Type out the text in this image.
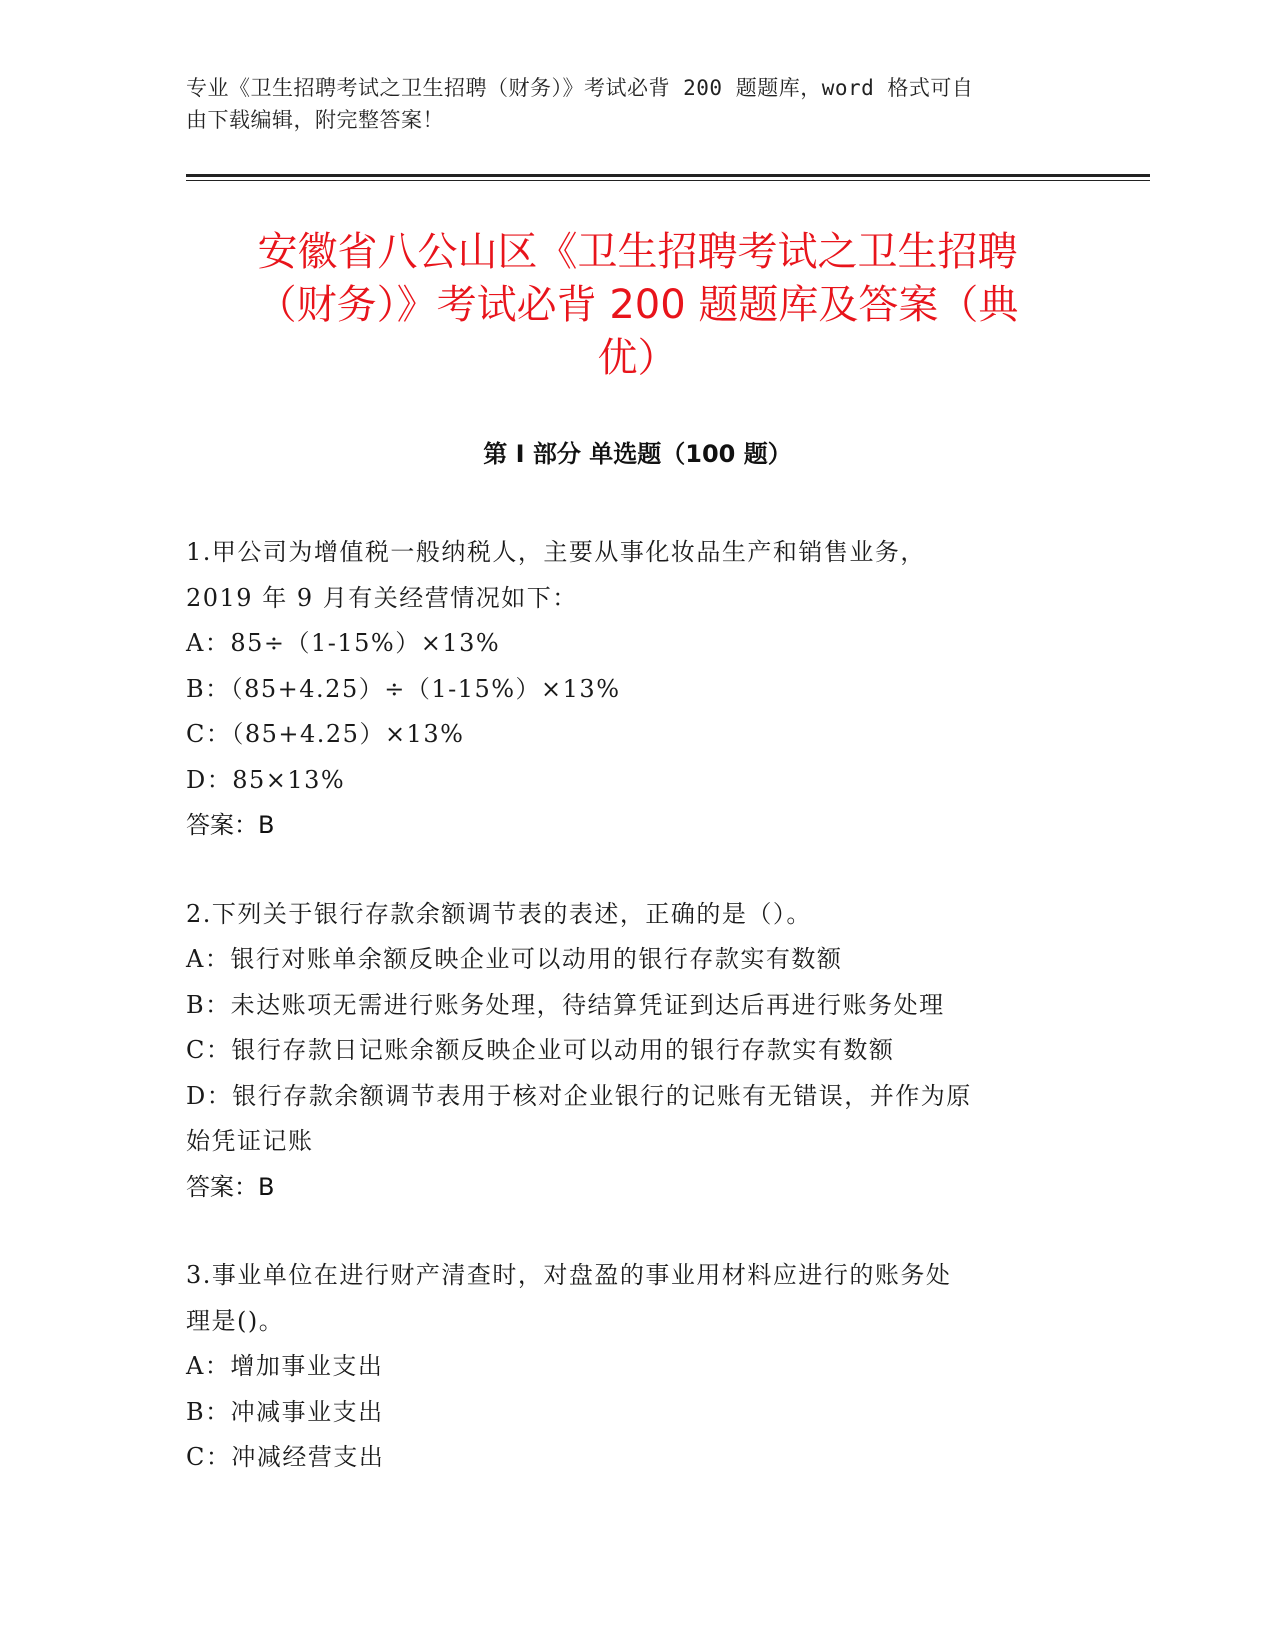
专业《卫生招聘考试之卫生招聘（财务）》考试必背 200 题题库，word 格式可自
由下载编辑，附完整答案！
安徽省八公山区《卫生招聘考试之卫生招聘
（财务）》考试必背 200 题题库及答案（典
优）
第 I 部分 单选题（100 题）
1.甲公司为增值税一般纳税人，主要从事化妆品生产和销售业务，
2019 年 9 月有关经营情况如下：
A：85÷（1-15%）×13%
B：（85+4.25）÷（1-15%）×13%
C：（85+4.25）×13%
D：85×13%
答案：B
2.下列关于银行存款余额调节表的表述，正确的是（）。
A：银行对账单余额反映企业可以动用的银行存款实有数额
B：未达账项无需进行账务处理，待结算凭证到达后再进行账务处理
C：银行存款日记账余额反映企业可以动用的银行存款实有数额
D：银行存款余额调节表用于核对企业银行的记账有无错误，并作为原
始凭证记账
答案：B
3.事业单位在进行财产清查时，对盘盈的事业用材料应进行的账务处
理是()。
A：增加事业支出
B：冲减事业支出
C：冲减经营支出
